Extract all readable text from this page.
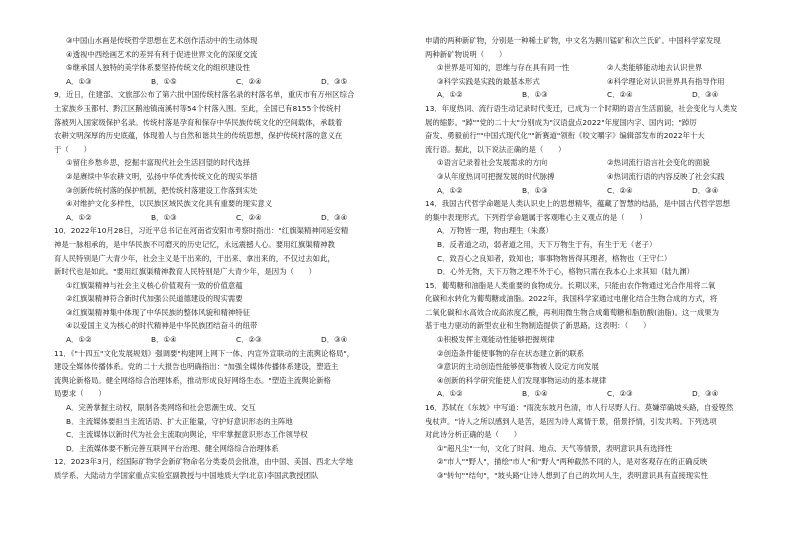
③中国山水画是传统哲学思想在艺术创作活动中的生动体现
④透视中西绘画艺术的差异有利于促进世界文化的深度交流
⑤继承国人独特的美学体系要坚持传统文化的组织建设性
A．①③	B．①⑤	C．②④	D．③⑤
9．近日，住建部、文旅部公布了第六批中国传统村落名录的村落名单，重庆市有万州区综合
土家族乡玉都村、黔江区鹅池镇南溪村等54个村落入围。至此，全国已有8155个传统村
落被列入国家级保护名录。传统村落是孕育和保存中华民族传统文化的空间载体，承载着
农耕文明深厚的历史底蕴，体现着人与自然和谐共生的传统思想，保护传统村落的意义在
于（　　）
①留住乡愁乡思，挖掘丰富现代社会生活回望的时代选择
②是赓续中华农耕文明，弘扬中华优秀传统文化的现实举措
③创新传统村落的保护机制，把传统村落建设工作落到实处
④对维护文化多样性，以民族区域民族文化具有重要的现实意义
A．①②	B．①③	C．②④	D．③④
10．2022年10月28日，习近平总书记在河南省安阳市考察时指出："红旗渠精神同延安精
神是一脉相承的，是中华民族不可磨灭的历史记忆，永远震撼人心。要用红旗渠精神教
育人民特别是广大青少年，社会主义是干出来的，干出来、拿出来的，不仅过去如此，
新时代也是如此。"要用红旗渠精神教育人民特别是广大青少年，是因为（　　）
①红旗渠精神与社会主义核心价值观有一致的价值意蕴
②红旗渠精神符合新时代加强公民道德建设的现实需要
③红旗渠精神集中体现了中华民族的整体风貌和精神特征
④以爱国主义为核心的时代精神是中华民族团结奋斗的纽带
A．①②	B．①④	C．②③	D．③④
11．《"十四五"文化发展规划》强调要"构建网上网下一体、内宣外宣联动的主流舆论格局"，
建设全媒体传播体系。党的二十大报告也明确指出："加强全媒体传播体系建设，塑造主
流舆论新格局。健全网络综合治理体系，推动形成良好网络生态。"塑造主流舆论新格
局要求（　　）
A．完善掌握主动权，限制各类网络和社会思潮生成、交互
B．主流媒体要担当主流话语、扩大正能量，守护好意识形态的主阵地
C．主流媒体以新时代为社会主流取向舆论，牢牢掌握意识形态工作领导权
D．主流媒体要不断完善互联网平台治理、健全网络综合治理体系
12．2023年3月，经国际矿物学会新矿物命名分类委员会批准，由中国、美国、西北大学地
质学系、大陆动力学国家重点实验室副教授与中国地质大学(北京)李国武教授团队
申请的两种新矿物，分别是一种稀土矿物，中文名为鹅川锰矿和次兰氏矿。中国科学家发现
两种新矿物说明（　　）
①世界是可知的，思维与存在具有同一性	②人类能够能动地去认识世界
③科学实践是实践的最基本形式	④科学理论对认识世界具有指导作用
A．①②	B．①③	C．②④	D．③④
13．年度热词、流行语生动记录时代变迁，已成为一个时期的语言生活面貌，社会变化与人类发
展的缩影。"踔""党的二十大"分别成为"汉语盘点2022"年度国内字、国内词；"踔厉
奋发、勇毅前行""中国式现代化""新赛道"领衔《咬文嚼字》编辑部发布的2022年十大
流行语。据此，以下说法正确的是（　　）
①语言记录着社会发展需求的方向	②热词流行语言社会变化的面貌
③从年度热词可把握发展的时代脉搏	④热词流行语的内容反映了社会实践
A．①②	B．①③	C．②④	D．③④
14．我国古代哲学命题是人类认识史上的思想精华，蕴藏了智慧的结晶，是中国古代哲学思想
的集中表现形式。下列哲学命题属于客观唯心主义观点的是（　　）
A．万物皆一理，物由理生（朱熹）
B．反者道之动，弱者道之用，天下万物生于有，有生于无（老子）
C．致吾心之良知者，致知也；事事物物皆得其理者，格物也（王守仁）
D．心外无物，天下万物之理不外于心，格物只需在我本心上求其知（陆九渊）
15．葡萄糖和油脂是人类重要的食物成分。长期以来，只能由农作物通过光合作用将二氧
化碳和水转化为葡萄糖或油脂。2022年，我国科学家通过电催化结合生物合成的方式，将
二氧化碳和水高效合成高浓度乙酸，再利用微生物合成葡萄糖和脂肪酸(油脂)。这一成果为
基于电力驱动的新型农业和生物制造提供了新思路。这表明：（　　）
①积极发挥主观能动性能够把握规律
②创造条件能使事物的存在状态建立新的联系
③意识的主动创造性能够使事物被人设定方向发展
④创新的科学研究能使人们发现事物运动的基本规律
A．①②	B．①④	C．②③	D．③④
16．苏轼在《东坡》中写道："雨洗东坡月色清，市人行尽野人行。莫嫌荦确坡头路，自爱铿然
曳杖声。"诗人之所以感到人是苦，是因为诗人寓情于景，借景抒情，引发共鸣。下列选项
对此诗分析正确的是（　　）
①"超凡尘"一句，文化了时间、地点、天气等情景，表明意识具有选择性
②"市人""野人"，描绘"市人"和"野人"两种截然不同的人，是对客观存在的正确反映
③"转句""结句"，"坡头路"让诗人想到了自己的坎坷人生，表明意识具有直接现实性
